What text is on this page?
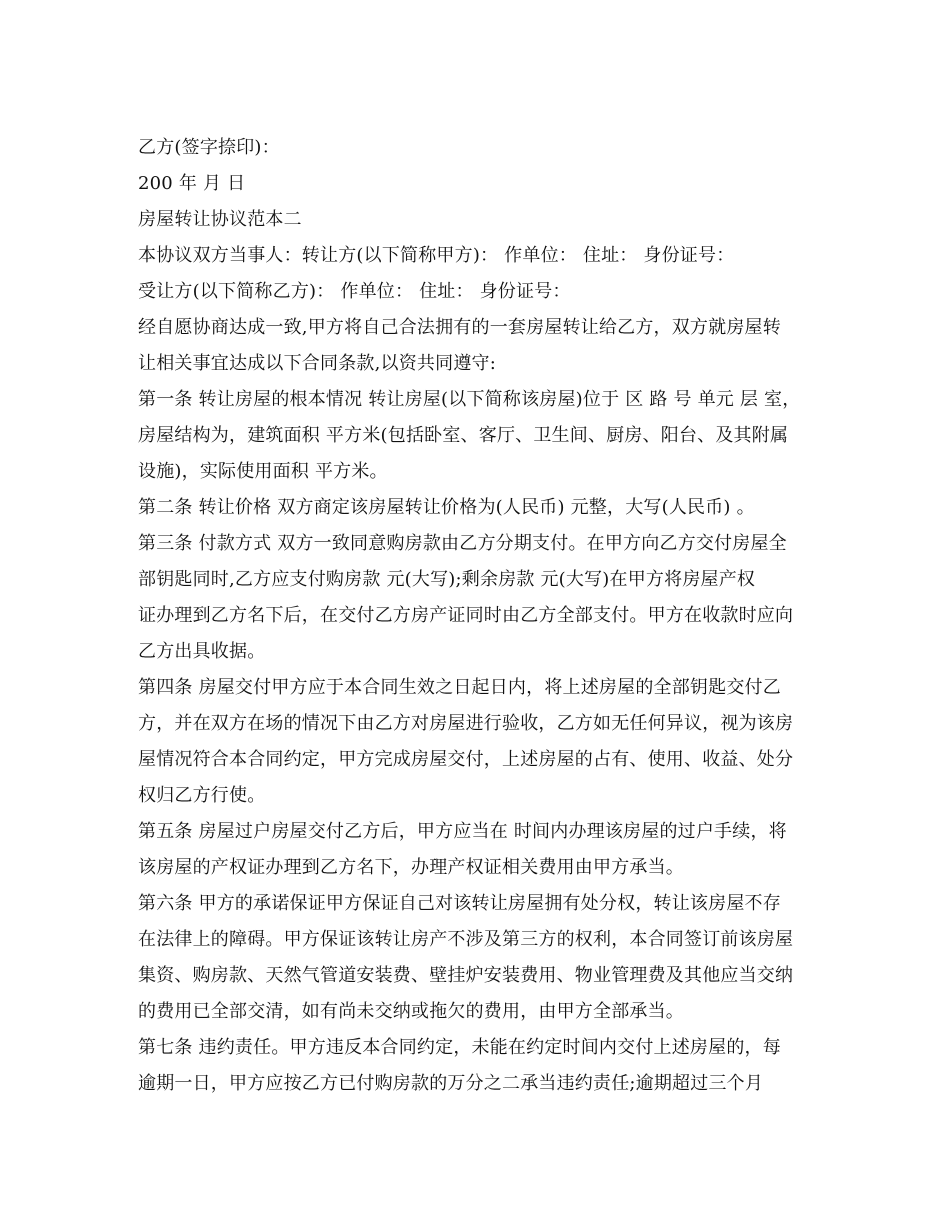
乙方(签字捺印)：
200 年 月 日
房屋转让协议范本二
本协议双方当事人：转让方(以下简称甲方)： 作单位： 住址： 身份证号：
受让方(以下简称乙方)： 作单位： 住址： 身份证号：
经自愿协商达成一致,甲方将自己合法拥有的一套房屋转让给乙方，双方就房屋转
让相关事宜达成以下合同条款,以资共同遵守:
第一条 转让房屋的根本情况 转让房屋(以下简称该房屋)位于 区 路 号 单元 层 室，
房屋结构为，建筑面积 平方米(包括卧室、客厅、卫生间、厨房、阳台、及其附属
设施)，实际使用面积 平方米。
第二条 转让价格 双方商定该房屋转让价格为(人民币) 元整，大写(人民币) 。
第三条 付款方式 双方一致同意购房款由乙方分期支付。在甲方向乙方交付房屋全
部钥匙同时,乙方应支付购房款 元(大写);剩余房款 元(大写)在甲方将房屋产权
证办理到乙方名下后，在交付乙方房产证同时由乙方全部支付。甲方在收款时应向
乙方出具收据。
第四条 房屋交付甲方应于本合同生效之日起日内，将上述房屋的全部钥匙交付乙
方，并在双方在场的情况下由乙方对房屋进行验收，乙方如无任何异议，视为该房
屋情况符合本合同约定，甲方完成房屋交付，上述房屋的占有、使用、收益、处分
权归乙方行使。
第五条 房屋过户房屋交付乙方后，甲方应当在 时间内办理该房屋的过户手续，将
该房屋的产权证办理到乙方名下，办理产权证相关费用由甲方承当。
第六条 甲方的承诺保证甲方保证自己对该转让房屋拥有处分权，转让该房屋不存
在法律上的障碍。甲方保证该转让房产不涉及第三方的权利，本合同签订前该房屋
集资、购房款、天然气管道安装费、壁挂炉安装费用、物业管理费及其他应当交纳
的费用已全部交清，如有尚未交纳或拖欠的费用，由甲方全部承当。
第七条 违约责任。甲方违反本合同约定，未能在约定时间内交付上述房屋的，每
逾期一日，甲方应按乙方已付购房款的万分之二承当违约责任;逾期超过三个月
